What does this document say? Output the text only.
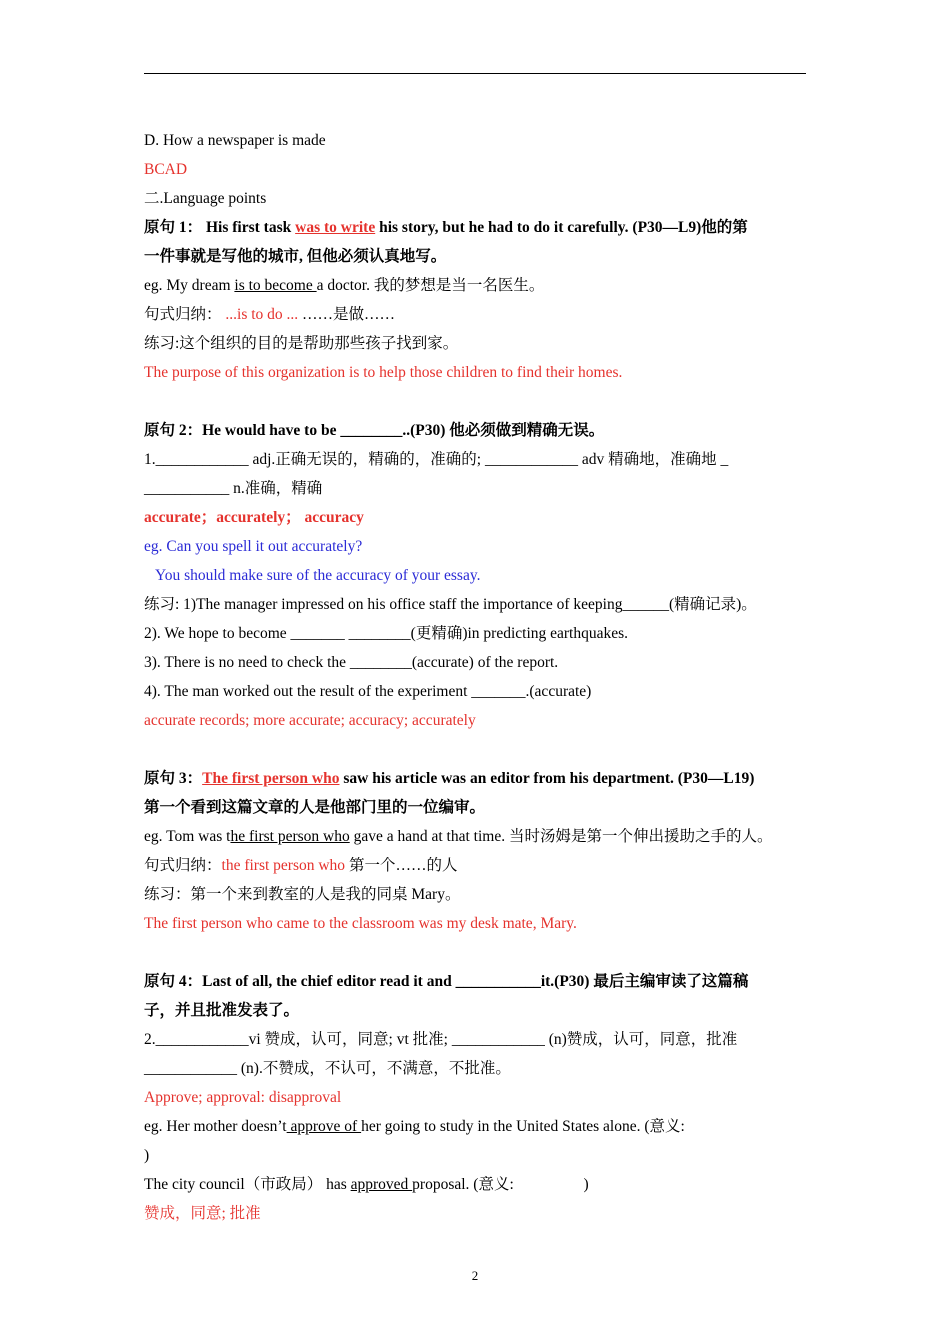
D. How a newspaper is made
BCAD
二.Language points
原句 1： His first task was to write his story, but he had to do it carefully. (P30—L9)他的第
一件事就是写他的城市, 但他必须认真地写。
eg. My dream is to become a doctor. 我的梦想是当一名医生。
句式归纳： ...is to do ... ……是做……
练习:这个组织的目的是帮助那些孩子找到家。
The purpose of this organization is to help those children to find their homes.
原句 2：He would have to be ________..(P30) 他必须做到精确无误。
1.____________ adj.正确无误的，精确的，准确的; ____________ adv 精确地，准确地 _
___________ n.准确，精确
accurate；accurately； accuracy
eg. Can you spell it out accurately?
You should make sure of the accuracy of your essay.
练习: 1)The manager impressed on his office staff the importance of keeping______(精确记录)。
2). We hope to become _______ ________(更精确)in predicting earthquakes.
3). There is no need to check the ________(accurate) of the report.
4). The man worked out the result of the experiment _______.(accurate)
accurate records; more accurate; accuracy; accurately
原句 3：The first person who saw his article was an editor from his department. (P30—L19)
第一个看到这篇文章的人是他部门里的一位编审。
eg. Tom was the first person who gave a hand at that time. 当时汤姆是第一个伸出援助之手的人。
句式归纳：the first person who 第一个……的人
练习：第一个来到教室的人是我的同桌 Mary。
The first person who came to the classroom was my desk mate, Mary.
原句 4：Last of all, the chief editor read it and ___________it.(P30) 最后主编审读了这篇稿
子，并且批准发表了。
2.____________vi 赞成，认可，同意; vt 批准; ____________ (n)赞成，认可，同意，批准
____________ (n).不赞成，不认可，不满意，不批准。
Approve; approval: disapproval
eg. Her mother doesn’t approve of her going to study in the United States alone. (意义:
)
The city council（市政局） has approved proposal. (意义:                  )
赞成，同意; 批准
2
